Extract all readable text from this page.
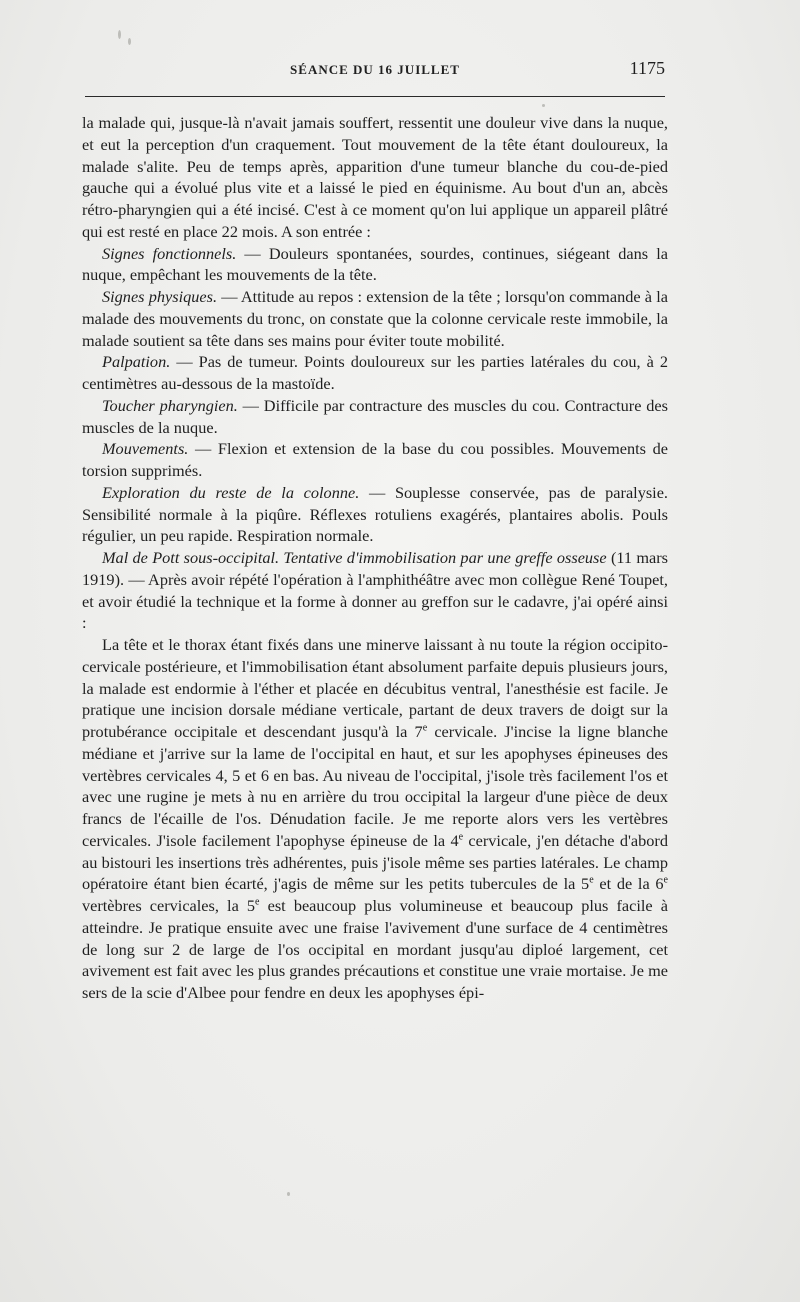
SÉANCE DU 16 JUILLET	1175

la malade qui, jusque-là n'avait jamais souffert, ressentit une douleur vive dans la nuque, et eut la perception d'un craquement. Tout mouvement de la tête étant douloureux, la malade s'alite. Peu de temps après, apparition d'une tumeur blanche du cou-de-pied gauche qui a évolué plus vite et a laissé le pied en équinisme. Au bout d'un an, abcès rétro-pharyngien qui a été incisé. C'est à ce moment qu'on lui applique un appareil plâtré qui est resté en place 22 mois. A son entrée :

Signes fonctionnels. — Douleurs spontanées, sourdes, continues, siégeant dans la nuque, empêchant les mouvements de la tête.

Signes physiques. — Attitude au repos : extension de la tête ; lorsqu'on commande à la malade des mouvements du tronc, on constate que la colonne cervicale reste immobile, la malade soutient sa tête dans ses mains pour éviter toute mobilité.

Palpation. — Pas de tumeur. Points douloureux sur les parties latérales du cou, à 2 centimètres au-dessous de la mastoïde.

Toucher pharyngien. — Difficile par contracture des muscles du cou. Contracture des muscles de la nuque.

Mouvements. — Flexion et extension de la base du cou possibles. Mouvements de torsion supprimés.

Exploration du reste de la colonne. — Souplesse conservée, pas de paralysie. Sensibilité normale à la piqûre. Réflexes rotuliens exagérés, plantaires abolis. Pouls régulier, un peu rapide. Respiration normale.

Mal de Pott sous-occipital. Tentative d'immobilisation par une greffe osseuse (11 mars 1919). — Après avoir répété l'opération à l'amphithéâtre avec mon collègue René Toupet, et avoir étudié la technique et la forme à donner au greffon sur le cadavre, j'ai opéré ainsi :

La tête et le thorax étant fixés dans une minerve laissant à nu toute la région occipito-cervicale postérieure, et l'immobilisation étant absolument parfaite depuis plusieurs jours, la malade est endormie à l'éther et placée en décubitus ventral, l'anesthésie est facile. Je pratique une incision dorsale médiane verticale, partant de deux travers de doigt sur la protubérance occipitale et descendant jusqu'à la 7e cervicale. J'incise la ligne blanche médiane et j'arrive sur la lame de l'occipital en haut, et sur les apophyses épineuses des vertèbres cervicales 4, 5 et 6 en bas. Au niveau de l'occipital, j'isole très facilement l'os et avec une rugine je mets à nu en arrière du trou occipital la largeur d'une pièce de deux francs de l'écaille de l'os. Dénudation facile. Je me reporte alors vers les vertèbres cervicales. J'isole facilement l'apophyse épineuse de la 4e cervicale, j'en détache d'abord au bistouri les insertions très adhérentes, puis j'isole même ses parties latérales. Le champ opératoire étant bien écarté, j'agis de même sur les petits tubercules de la 5e et de la 6e vertèbres cervicales, la 5e est beaucoup plus volumineuse et beaucoup plus facile à atteindre. Je pratique ensuite avec une fraise l'avivement d'une surface de 4 centimètres de long sur 2 de large de l'os occipital en mordant jusqu'au diploé largement, cet avivement est fait avec les plus grandes précautions et constitue une vraie mortaise. Je me sers de la scie d'Albee pour fendre en deux les apophyses épi-
